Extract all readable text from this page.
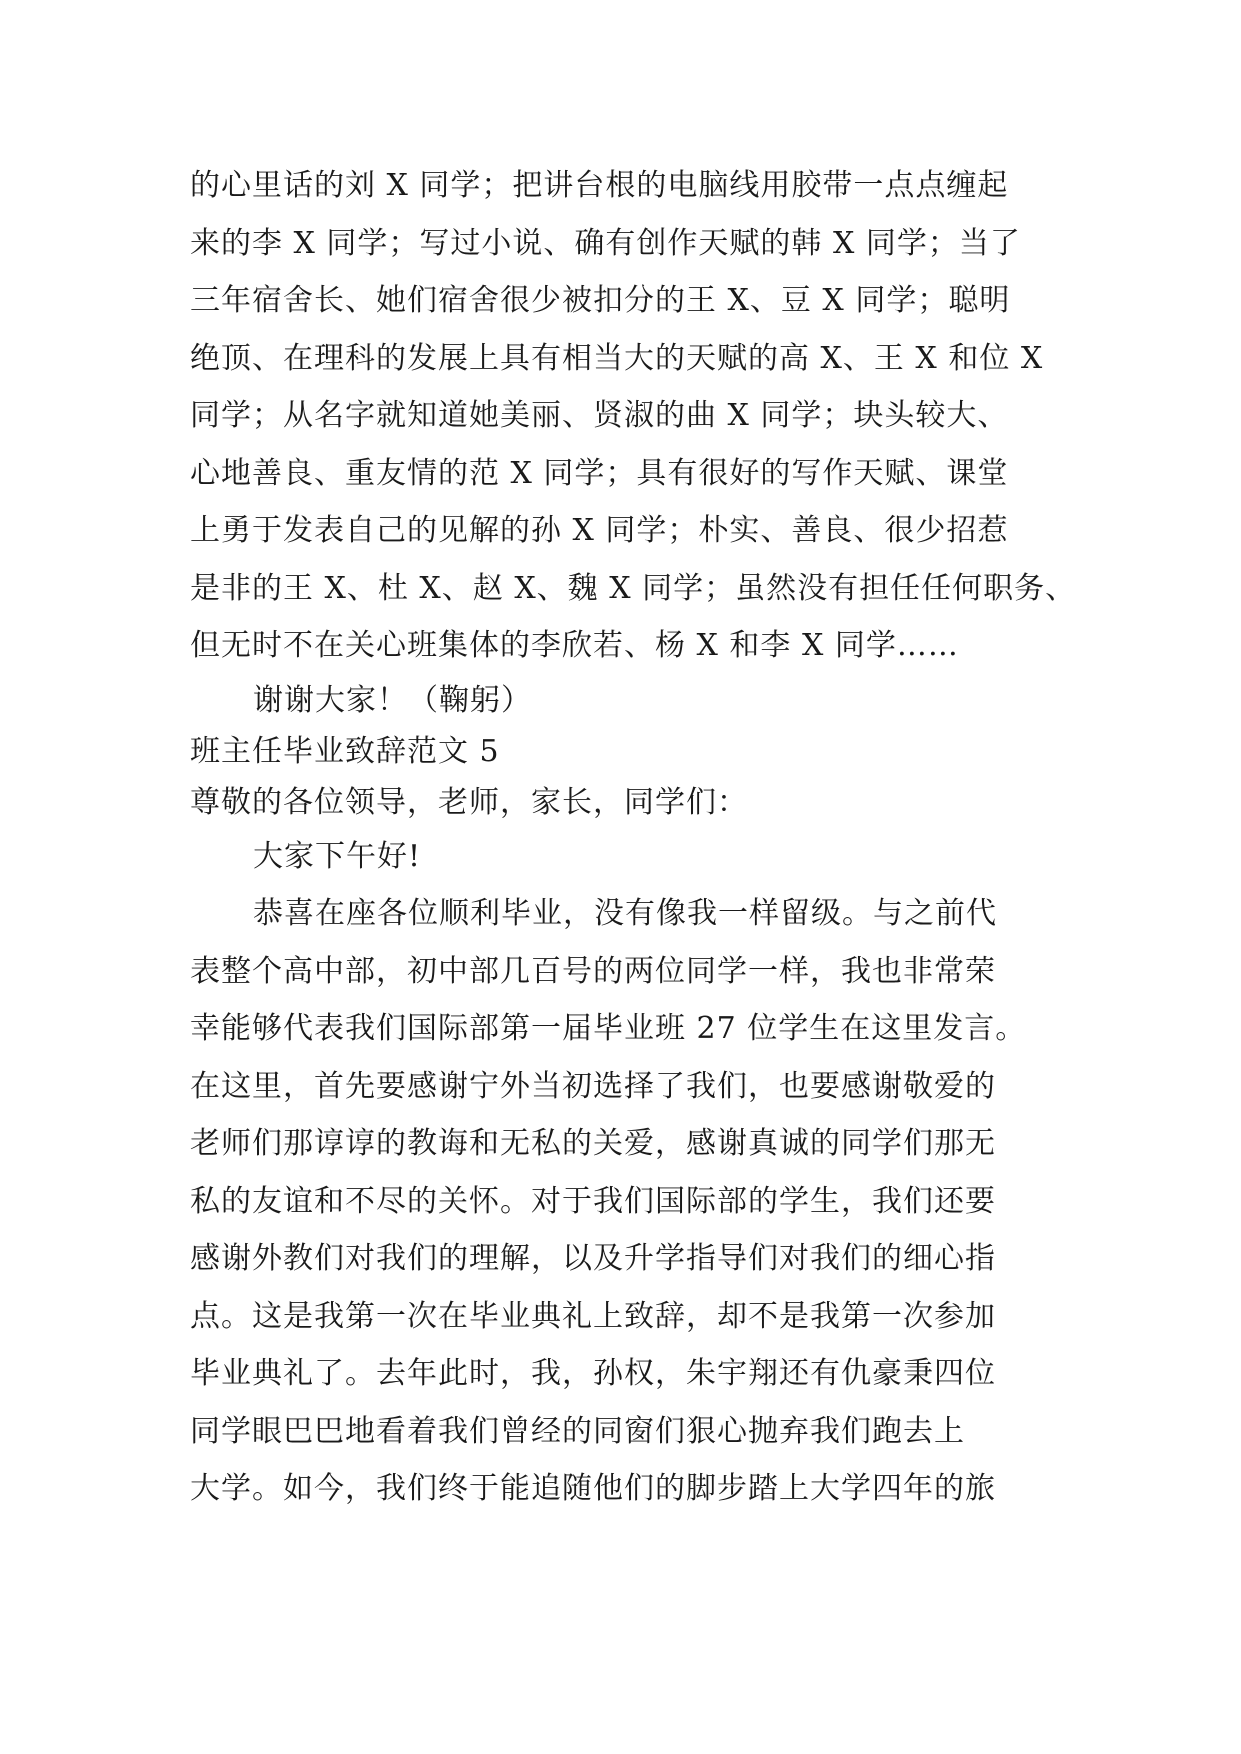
的心里话的刘 X 同学；把讲台根的电脑线用胶带一点点缠起
来的李 X 同学；写过小说、确有创作天赋的韩 X 同学；当了
三年宿舍长、她们宿舍很少被扣分的王 X、豆 X 同学；聪明
绝顶、在理科的发展上具有相当大的天赋的高 X、王 X 和位 X
同学；从名字就知道她美丽、贤淑的曲 X 同学；块头较大、
心地善良、重友情的范 X 同学；具有很好的写作天赋、课堂
上勇于发表自己的见解的孙 X 同学；朴实、善良、很少招惹
是非的王 X、杜 X、赵 X、魏 X 同学；虽然没有担任任何职务、
但无时不在关心班集体的李欣若、杨 X 和李 X 同学……
谢谢大家！（鞠躬）
班主任毕业致辞范文 5
尊敬的各位领导，老师，家长，同学们：
大家下午好!
恭喜在座各位顺利毕业，没有像我一样留级。与之前代
表整个高中部，初中部几百号的两位同学一样，我也非常荣
幸能够代表我们国际部第一届毕业班 27 位学生在这里发言。
在这里，首先要感谢宁外当初选择了我们，也要感谢敬爱的
老师们那谆谆的教诲和无私的关爱，感谢真诚的同学们那无
私的友谊和不尽的关怀。对于我们国际部的学生，我们还要
感谢外教们对我们的理解，以及升学指导们对我们的细心指
点。这是我第一次在毕业典礼上致辞，却不是我第一次参加
毕业典礼了。去年此时，我，孙权，朱宇翔还有仇豪秉四位
同学眼巴巴地看着我们曾经的同窗们狠心抛弃我们跑去上
大学。如今，我们终于能追随他们的脚步踏上大学四年的旅
